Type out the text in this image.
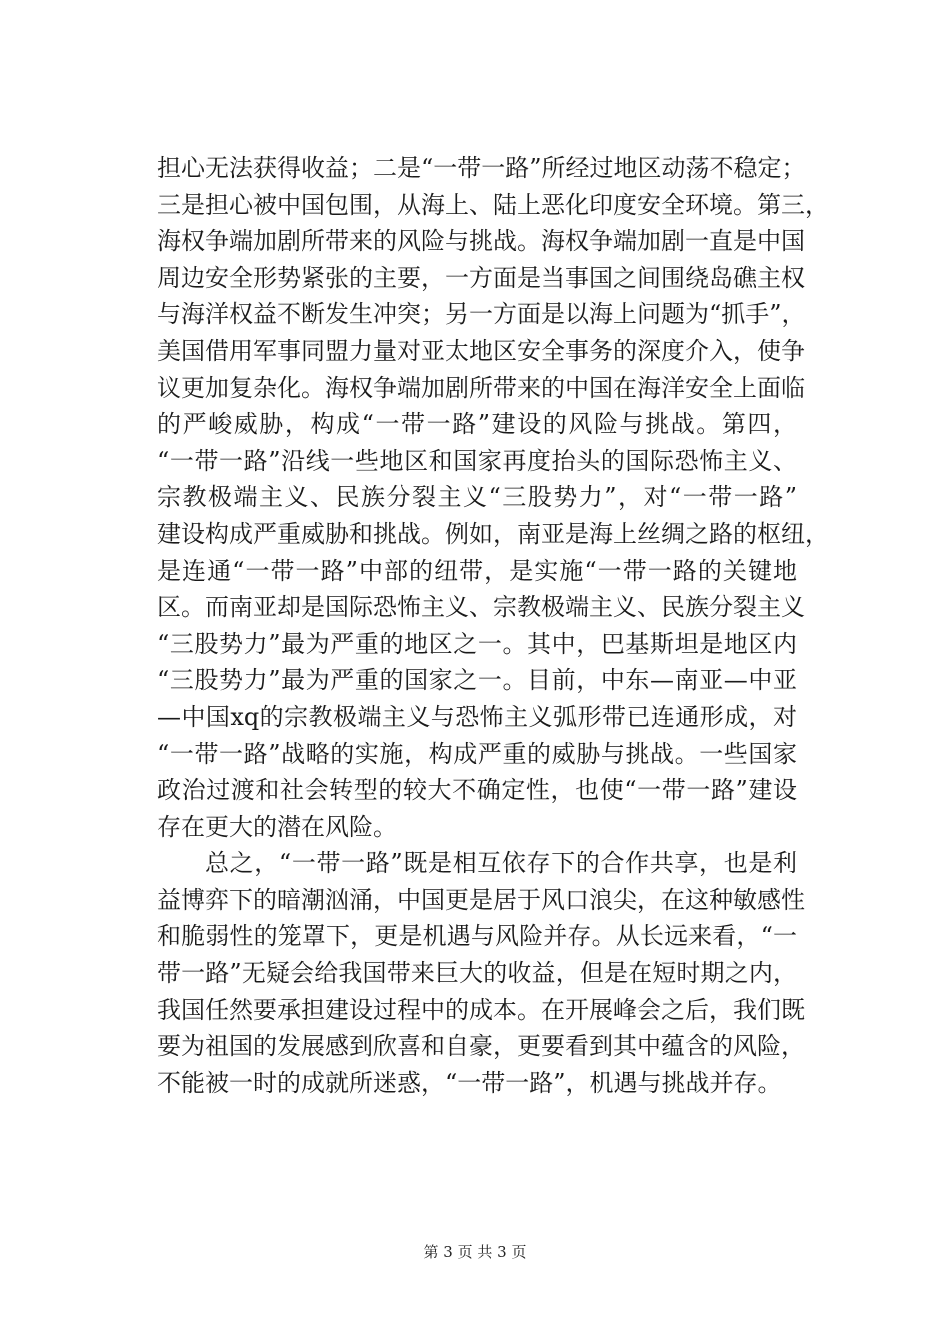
担心无法获得收益；二是“一带一路”所经过地区动荡不稳定；
三是担心被中国包围，从海上、陆上恶化印度安全环境。第三，
海权争端加剧所带来的风险与挑战。海权争端加剧一直是中国
周边安全形势紧张的主要，一方面是当事国之间围绕岛礁主权
与海洋权益不断发生冲突；另一方面是以海上问题为“抓手”，
美国借用军事同盟力量对亚太地区安全事务的深度介入，使争
议更加复杂化。海权争端加剧所带来的中国在海洋安全上面临
的严峻威胁，构成“一带一路”建设的风险与挑战。第四，
“一带一路”沿线一些地区和国家再度抬头的国际恐怖主义、
宗教极端主义、民族分裂主义“三股势力”，对“一带一路”
建设构成严重威胁和挑战。例如，南亚是海上丝绸之路的枢纽，
是连通“一带一路”中部的纽带，是实施“一带一路的关键地
区。而南亚却是国际恐怖主义、宗教极端主义、民族分裂主义
“三股势力”最为严重的地区之一。其中，巴基斯坦是地区内
“三股势力”最为严重的国家之一。目前，中东—南亚—中亚
—中国xq的宗教极端主义与恐怖主义弧形带已连通形成，对
“一带一路”战略的实施，构成严重的威胁与挑战。一些国家
政治过渡和社会转型的较大不确定性，也使“一带一路”建设
存在更大的潜在风险。
总之，“一带一路”既是相互依存下的合作共享，也是利
益博弈下的暗潮汹涌，中国更是居于风口浪尖，在这种敏感性
和脆弱性的笼罩下，更是机遇与风险并存。从长远来看，“一
带一路”无疑会给我国带来巨大的收益，但是在短时期之内，
我国任然要承担建设过程中的成本。在开展峰会之后，我们既
要为祖国的发展感到欣喜和自豪，更要看到其中蕴含的风险，
不能被一时的成就所迷惑，“一带一路”，机遇与挑战并存。
第 3 页 共 3 页
